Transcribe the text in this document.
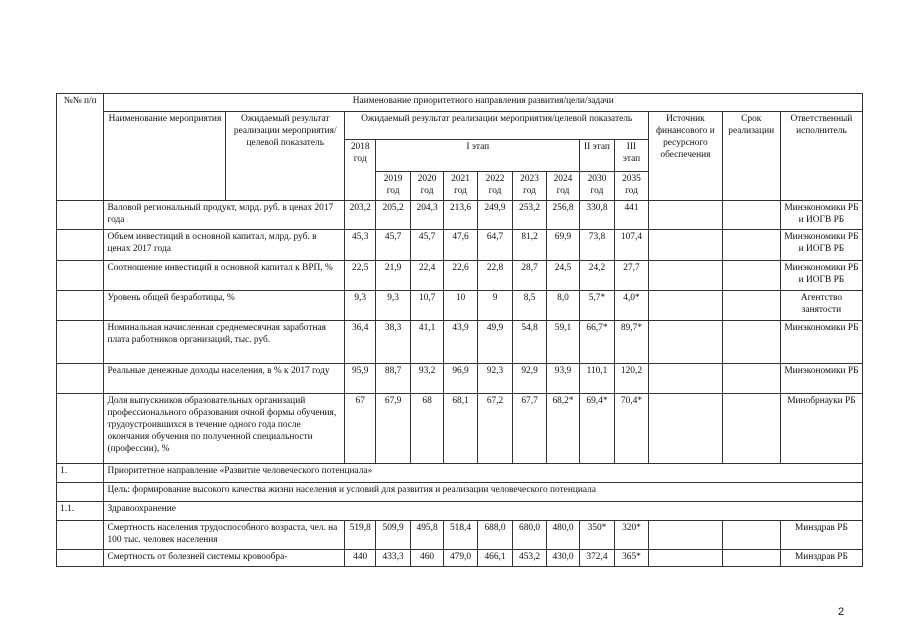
№№ п/п	Наименование приоритетного направления развития/цели/задачи													
	Наименование мероприятия	Ожидаемый результат реализации мероприятия/целевой показатель	Ожидаемый результат реализации мероприятия/целевой показатель									Источник финансового и ресурсного обеспечения	Срок реализации	Ответственный исполнитель
			2018 год	I этап						II этап	III этап			
				2019 год	2020 год	2021 год	2022 год	2023 год	2024 год	2030 год	2035 год			
	Валовой региональный продукт, млрд. руб. в ценах 2017 года		203,2	205,2	204,3	213,6	249,9	253,2	256,8	330,8	441			Минэкономики РБ и ИОГВ РБ
	Объем инвестиций в основной капитал, млрд. руб. в ценах 2017 года		45,3	45,7	45,7	47,6	64,7	81,2	69,9	73,8	107,4			Минэкономики РБ и ИОГВ РБ
	Соотношение инвестиций в основной капитал к ВРП, %		22,5	21,9	22,4	22,6	22,8	28,7	24,5	24,2	27,7			Минэкономики РБ и ИОГВ РБ
	Уровень общей безработицы, %		9,3	9,3	10,7	10	9	8,5	8,0	5,7*	4,0*			Агентство занятости
	Номинальная начисленная среднемесячная заработная плата работников организаций, тыс. руб.		36,4	38,3	41,1	43,9	49,9	54,8	59,1	66,7*	89,7*			Минэкономики РБ
	Реальные денежные доходы населения, в % к 2017 году		95,9	88,7	93,2	96,9	92,3	92,9	93,9	110,1	120,2			Минэкономики РБ
	Доля выпускников образовательных организаций профессионального образования очной формы обучения, трудоустроившихся в течение одного года после окончания обучения по полученной специальности (профессии), %		67	67,9	68	68,1	67,2	67,7	68,2*	69,4*	70,4*			Минобрнауки РБ
1.	Приоритетное направление «Развитие человеческого потенциала»													
	Цель: формирование высокого качества жизни населения и условий для развития и реализации человеческого потенциала													
1.1.	Здравоохранение													
	Смертность населения трудоспособного возраста, чел. на 100 тыс. человек населения		519,8	509,9	495,8	518,4	688,0	680,0	480,0	350*	320*			Минздрав РБ
	Смертность от болезней системы кровообра-		440	433,3	460	479,0	466,1	453,2	430,0	372,4	365*			Минздрав РБ
2
